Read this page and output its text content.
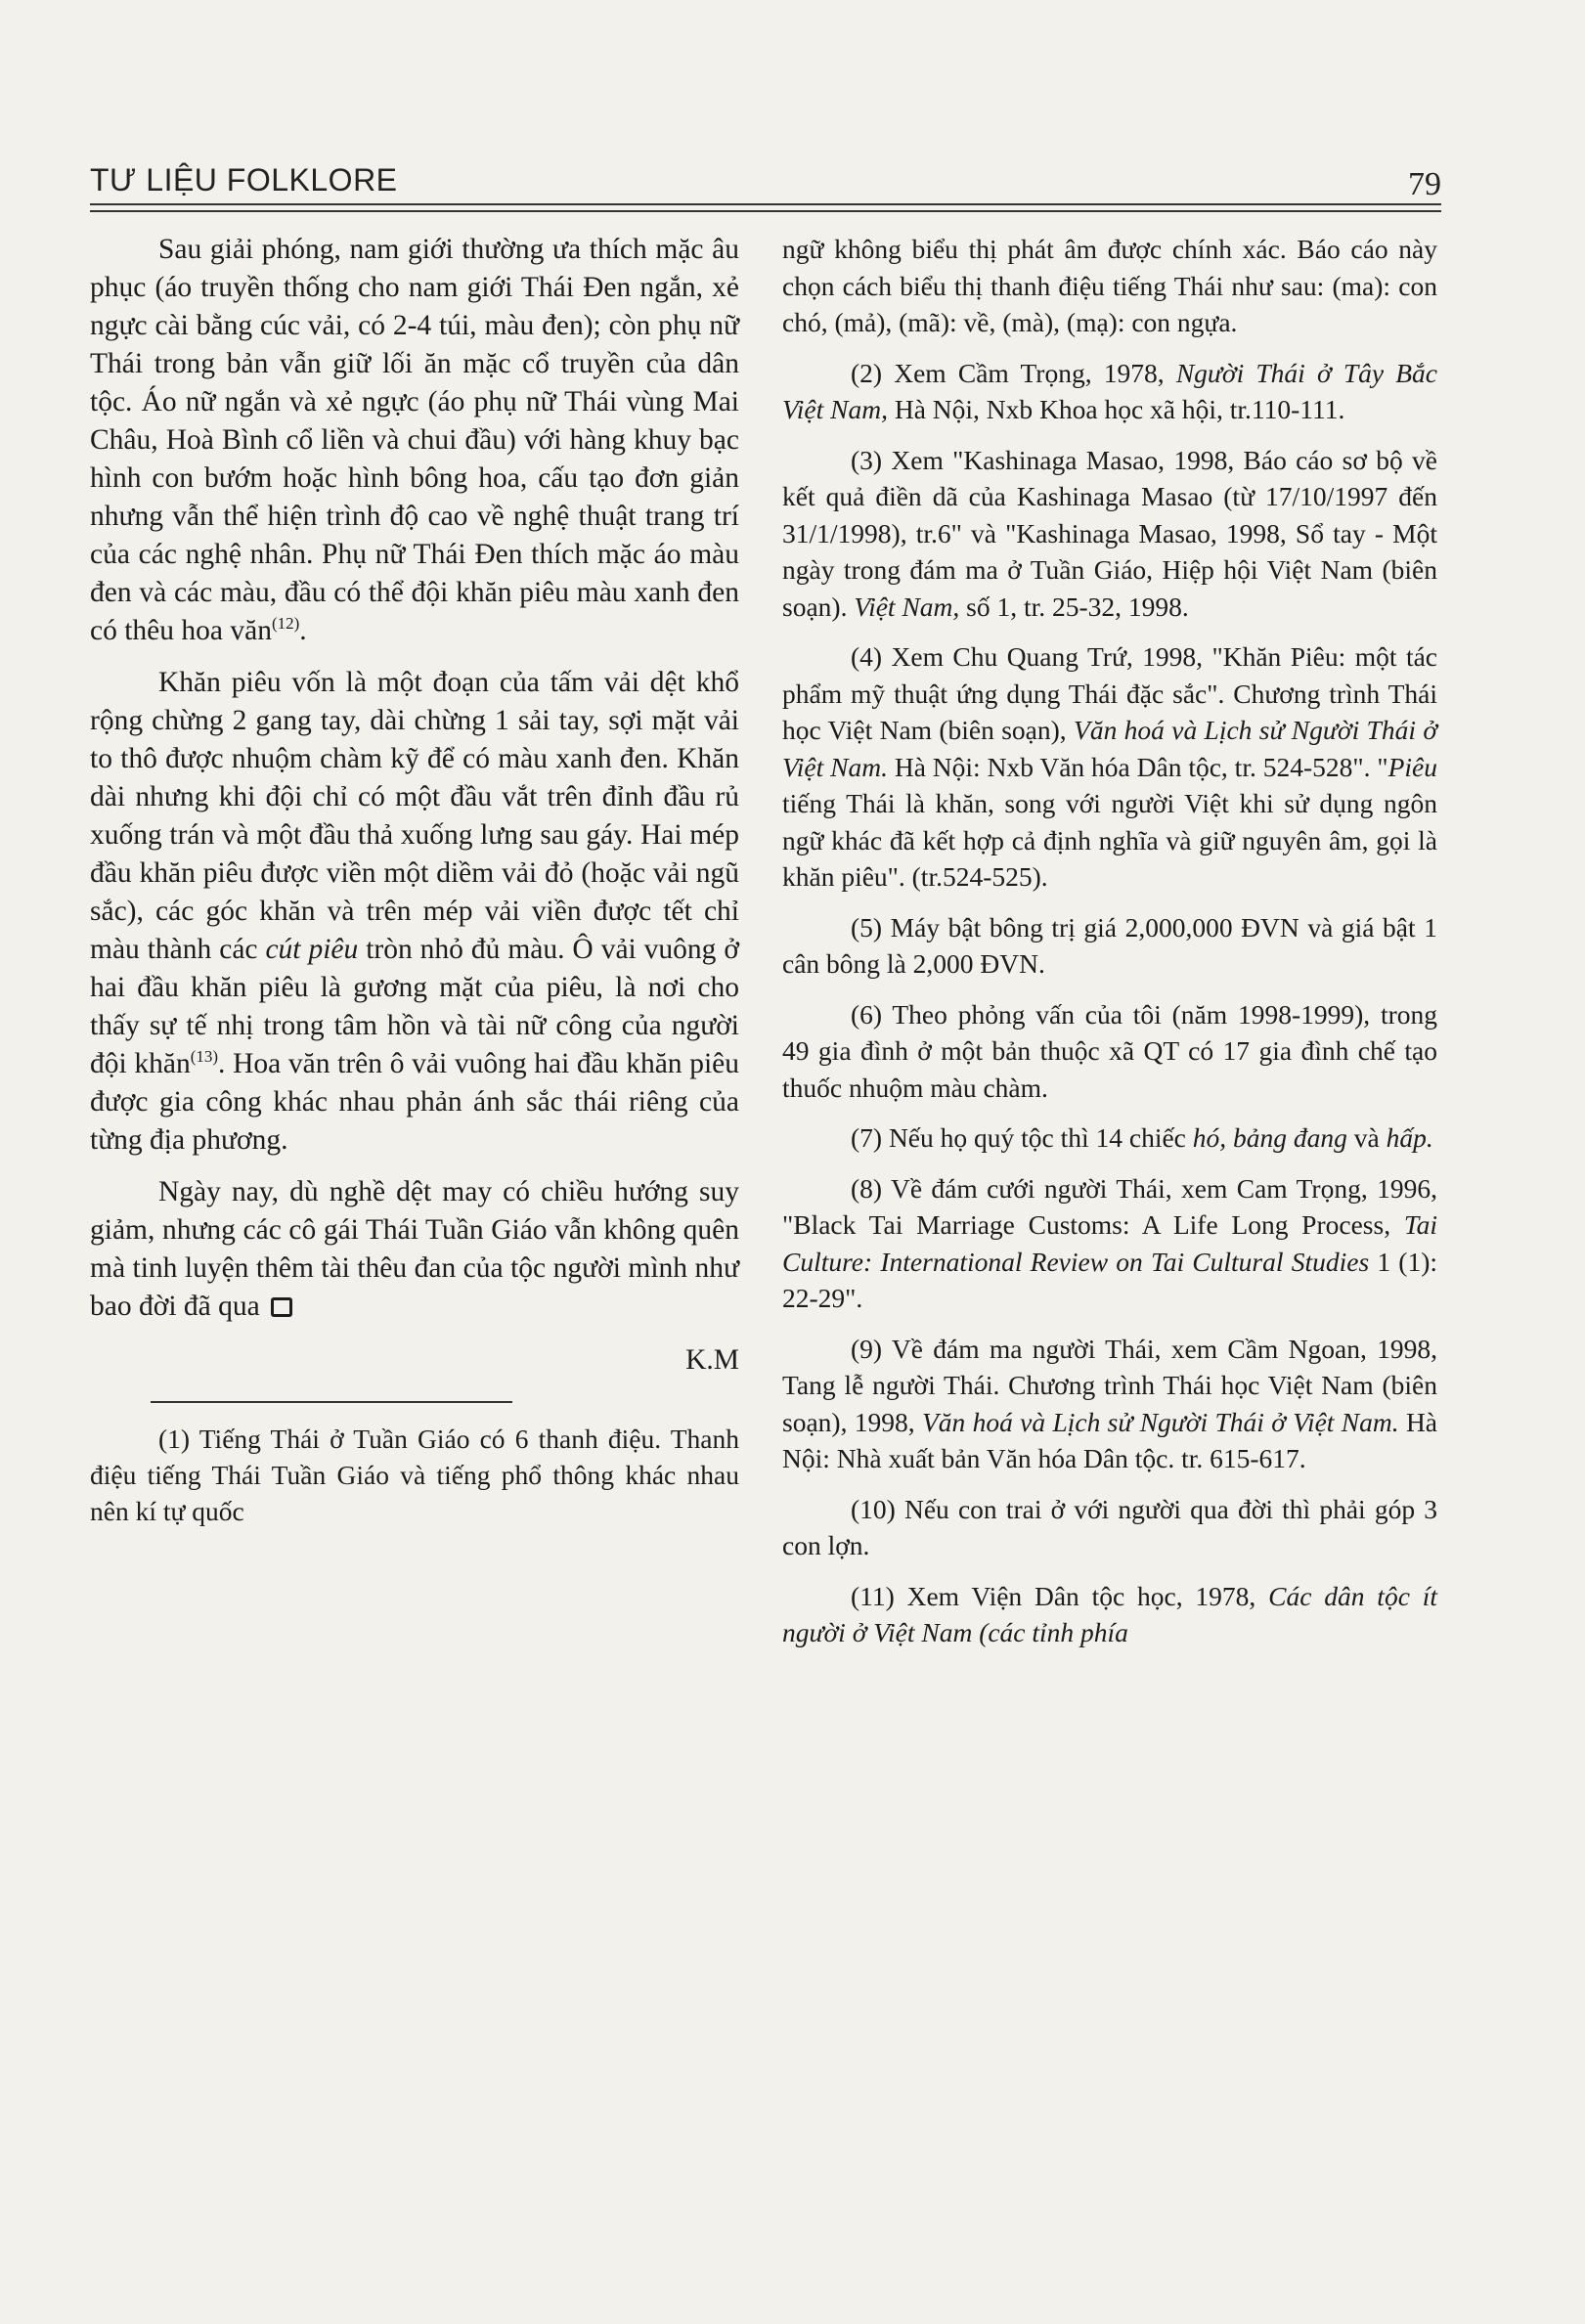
TƯ LIỆU FOLKLORE	79

Sau giải phóng, nam giới thường ưa thích mặc âu phục (áo truyền thống cho nam giới Thái Đen ngắn, xẻ ngực cài bằng cúc vải, có 2-4 túi, màu đen); còn phụ nữ Thái trong bản vẫn giữ lối ăn mặc cổ truyền của dân tộc. Áo nữ ngắn và xẻ ngực (áo phụ nữ Thái vùng Mai Châu, Hoà Bình cổ liền và chui đầu) với hàng khuy bạc hình con bướm hoặc hình bông hoa, cấu tạo đơn giản nhưng vẫn thể hiện trình độ cao về nghệ thuật trang trí của các nghệ nhân. Phụ nữ Thái Đen thích mặc áo màu đen và các màu, đầu có thể đội khăn piêu màu xanh đen có thêu hoa văn$^{(12)}$.

Khăn piêu vốn là một đoạn của tấm vải dệt khổ rộng chừng 2 gang tay, dài chừng 1 sải tay, sợi mặt vải to thô được nhuộm chàm kỹ để có màu xanh đen. Khăn dài nhưng khi đội chỉ có một đầu vắt trên đỉnh đầu rủ xuống trán và một đầu thả xuống lưng sau gáy. Hai mép đầu khăn piêu được viền một diềm vải đỏ (hoặc vải ngũ sắc), các góc khăn và trên mép vải viền được tết chỉ màu thành các cút piêu tròn nhỏ đủ màu. Ô vải vuông ở hai đầu khăn piêu là gương mặt của piêu, là nơi cho thấy sự tế nhị trong tâm hồn và tài nữ công của người đội khăn$^{(13)}$. Hoa văn trên ô vải vuông hai đầu khăn piêu được gia công khác nhau phản ánh sắc thái riêng của từng địa phương.

Ngày nay, dù nghề dệt may có chiều hướng suy giảm, nhưng các cô gái Thái Tuần Giáo vẫn không quên mà tinh luyện thêm tài thêu đan của tộc người mình như bao đời đã qua

K.M

(1) Tiếng Thái ở Tuần Giáo có 6 thanh điệu. Thanh điệu tiếng Thái Tuần Giáo và tiếng phổ thông khác nhau nên kí tự quốc

ngữ không biểu thị phát âm được chính xác. Báo cáo này chọn cách biểu thị thanh điệu tiếng Thái như sau: (ma): con chó, (mả), (mã): về, (mà), (mạ): con ngựa.

(2) Xem Cầm Trọng, 1978, Người Thái ở Tây Bắc Việt Nam, Hà Nội, Nxb Khoa học xã hội, tr.110-111.

(3) Xem "Kashinaga Masao, 1998, Báo cáo sơ bộ về kết quả điền dã của Kashinaga Masao (từ 17/10/1997 đến 31/1/1998), tr.6" và "Kashinaga Masao, 1998, Sổ tay - Một ngày trong đám ma ở Tuần Giáo, Hiệp hội Việt Nam (biên soạn). Việt Nam, số 1, tr. 25-32, 1998.

(4) Xem Chu Quang Trứ, 1998, "Khăn Piêu: một tác phẩm mỹ thuật ứng dụng Thái đặc sắc". Chương trình Thái học Việt Nam (biên soạn), Văn hoá và Lịch sử Người Thái ở Việt Nam. Hà Nội: Nxb Văn hóa Dân tộc, tr. 524-528". "Piêu tiếng Thái là khăn, song với người Việt khi sử dụng ngôn ngữ khác đã kết hợp cả định nghĩa và giữ nguyên âm, gọi là khăn piêu". (tr.524-525).

(5) Máy bật bông trị giá 2,000,000 ĐVN và giá bật 1 cân bông là 2,000 ĐVN.

(6) Theo phỏng vấn của tôi (năm 1998-1999), trong 49 gia đình ở một bản thuộc xã QT có 17 gia đình chế tạo thuốc nhuộm màu chàm.

(7) Nếu họ quý tộc thì 14 chiếc hó, bảng đang và hấp.

(8) Về đám cưới người Thái, xem Cam Trọng, 1996, "Black Tai Marriage Customs: A Life Long Process, Tai Culture: International Review on Tai Cultural Studies 1 (1): 22-29".

(9) Về đám ma người Thái, xem Cầm Ngoan, 1998, Tang lễ người Thái. Chương trình Thái học Việt Nam (biên soạn), 1998, Văn hoá và Lịch sử Người Thái ở Việt Nam. Hà Nội: Nhà xuất bản Văn hóa Dân tộc. tr. 615-617.

(10) Nếu con trai ở với người qua đời thì phải góp 3 con lợn.

(11) Xem Viện Dân tộc học, 1978, Các dân tộc ít người ở Việt Nam (các tỉnh phía
